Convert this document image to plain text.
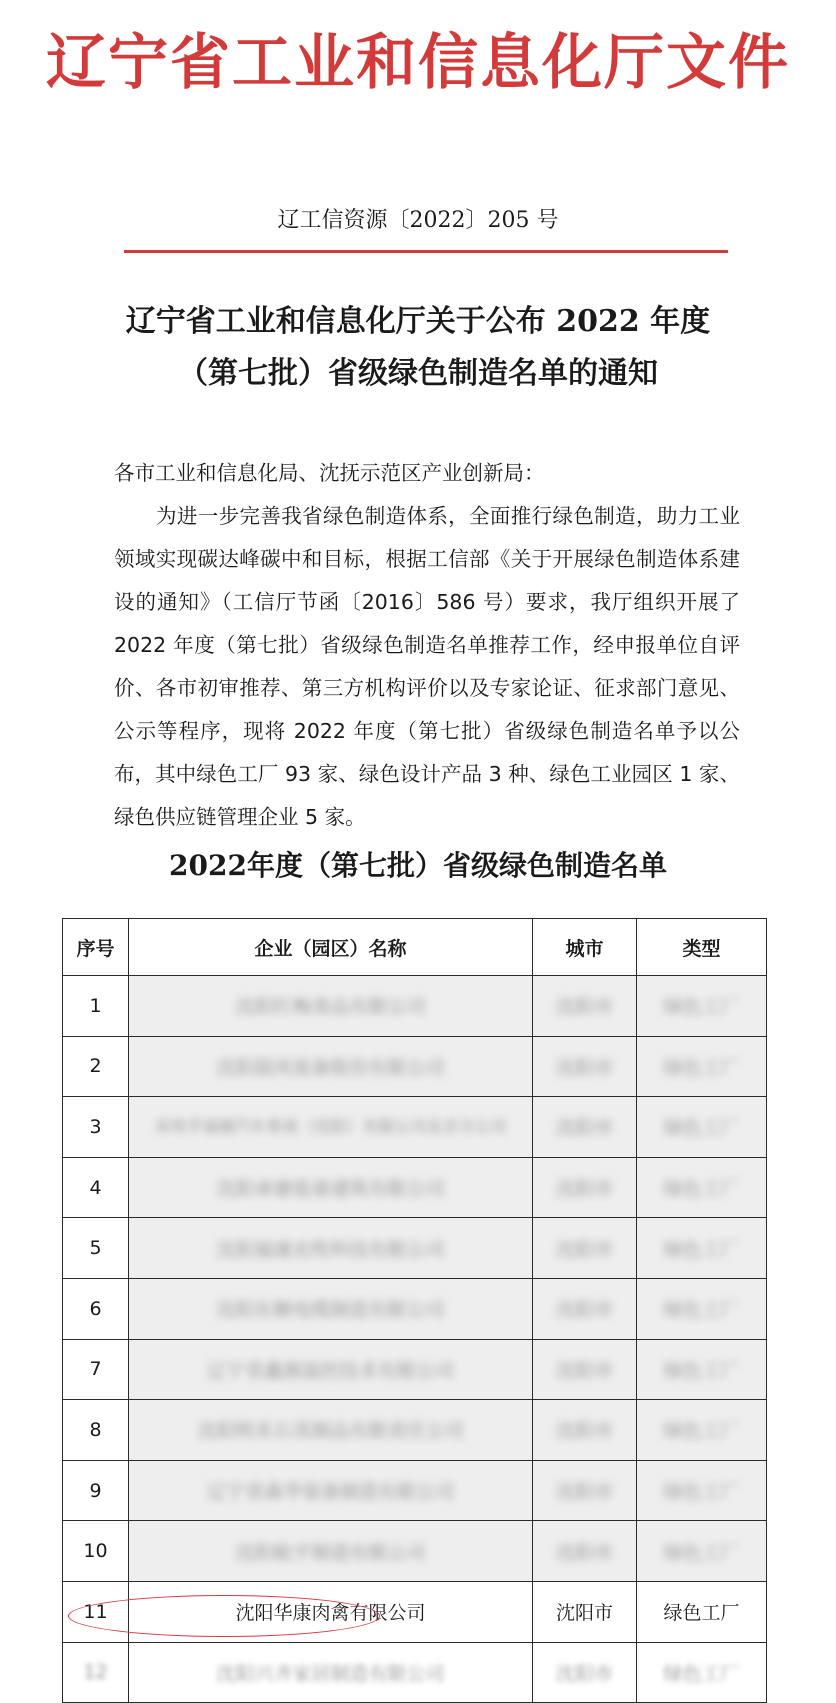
辽宁省工业和信息化厅文件
辽工信资源〔2022〕205 号
辽宁省工业和信息化厅关于公布 2022 年度
（第七批）省级绿色制造名单的通知

各市工业和信息化局、沈抚示范区产业创新局：

为进一步完善我省绿色制造体系，全面推行绿色制造，助力工业领域实现碳达峰碳中和目标，根据工信部《关于开展绿色制造体系建设的通知》（工信厅节函〔2016〕586 号）要求，我厅组织开展了 2022 年度（第七批）省级绿色制造名单推荐工作，经申报单位自评价、各市初审推荐、第三方机构评价以及专家论证、征求部门意见、公示等程序，现将 2022 年度（第七批）省级绿色制造名单予以公布，其中绿色工厂 93 家、绿色设计产品 3 种、绿色工业园区 1 家、绿色供应链管理企业 5 家。

2022年度（第七批）省级绿色制造名单
序号	企业（园区）名称	城市	类型
1	沈阳红梅食品有限公司	沈阳市	绿色工厂
2	沈阳鼓风装备股份有限公司	沈阳市	绿色工厂
3	采埃孚福德汽车系统（沈阳）有限公司北京分公司	沈阳市	绿色工厂
4	沈阳承德装备建筑有限公司	沈阳市	绿色工厂
5	沈阳福康农牧科技有限公司	沈阳市	绿色工厂
6	沈阳东顺电缆制造有限公司	沈阳市	绿色工厂
7	辽宁省鑫源温控技术有限公司	沈阳市	绿色工厂
8	沈阳明禾石英制品有限责任公司	沈阳市	绿色工厂
9	辽宁省森华装备制造有限公司	沈阳市	绿色工厂
10	沈阳航宇制造有限公司	沈阳市	绿色工厂
11	沈阳华康肉禽有限公司	沈阳市	绿色工厂
12	沈阳兴齐家居制造有限公司	沈阳市	绿色工厂
